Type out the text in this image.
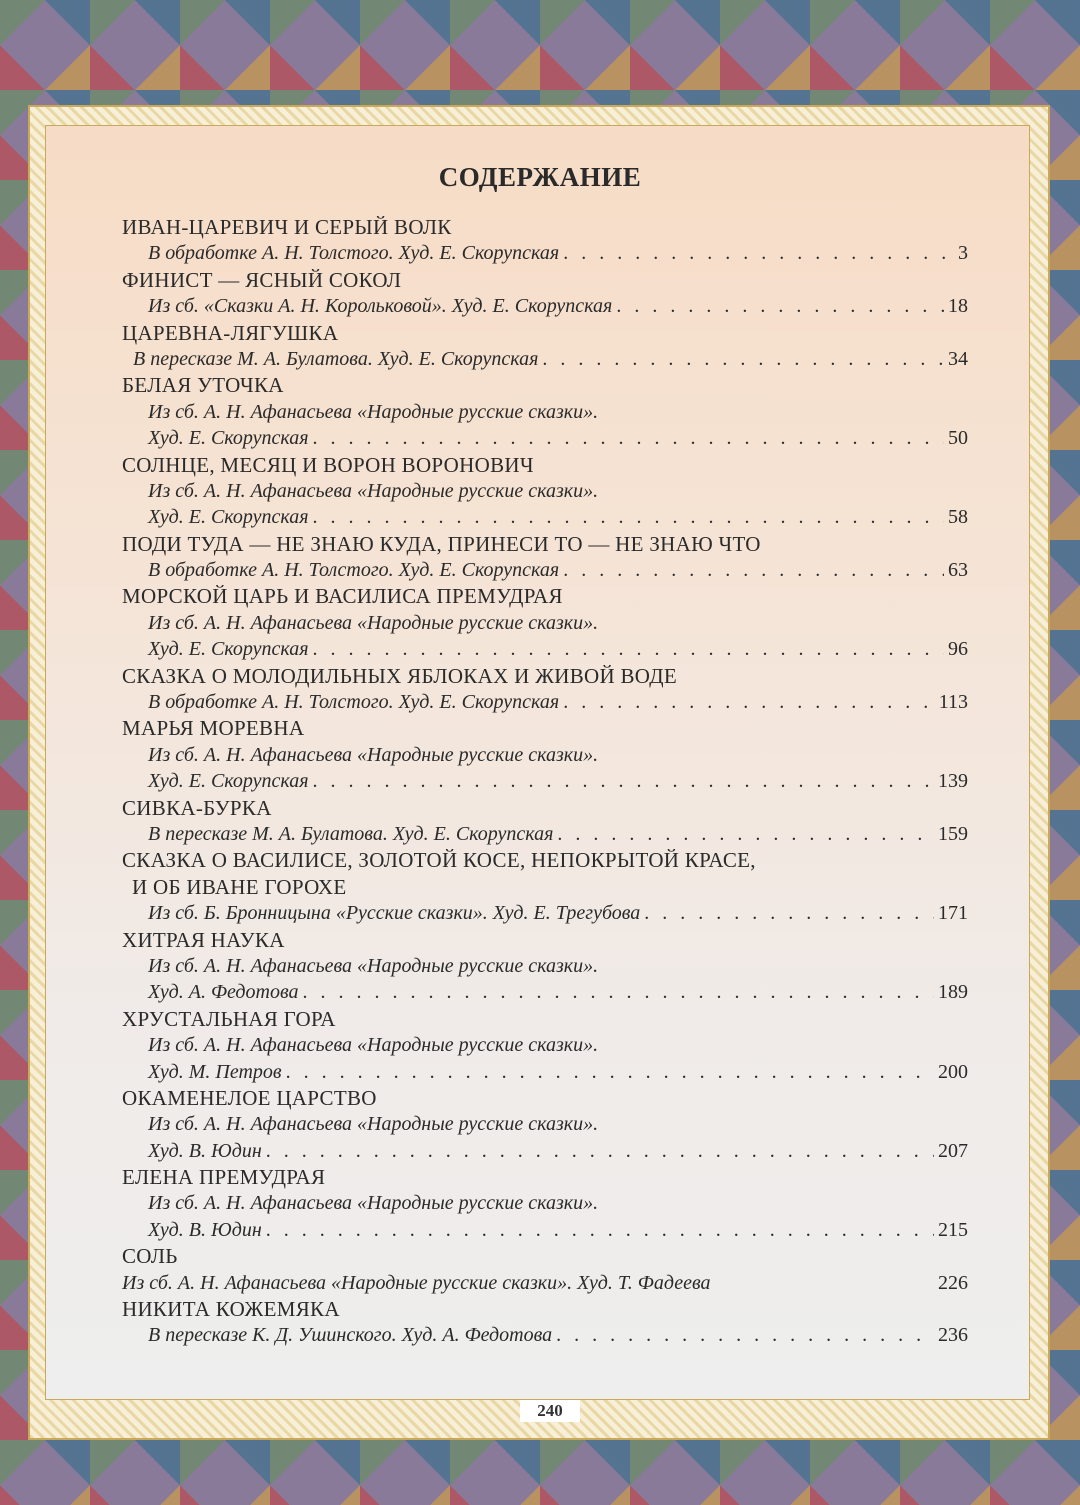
СОДЕРЖАНИЕ
ИВАН-ЦАРЕВИЧ И СЕРЫЙ ВОЛК
В обработке А. Н. Толстого. Худ. Е. Скорупская . . .	3
ФИНИСТ — ЯСНЫЙ СОКОЛ
Из сб. «Сказки А. Н. Корольковой». Худ. Е. Скорупская . . .	18
ЦАРЕВНА-ЛЯГУШКА
В пересказе М. А. Булатова. Худ. Е. Скорупская . . .	34
БЕЛАЯ УТОЧКА
Из сб. А. Н. Афанасьева «Народные русские сказки».
Худ. Е. Скорупская . . .	50
СОЛНЦЕ, МЕСЯЦ И ВОРОН ВОРОНОВИЧ
Из сб. А. Н. Афанасьева «Народные русские сказки».
Худ. Е. Скорупская . . .	58
ПОДИ ТУДА — НЕ ЗНАЮ КУДА, ПРИНЕСИ ТО — НЕ ЗНАЮ ЧТО
В обработке А. Н. Толстого. Худ. Е. Скорупская . . .	63
МОРСКОЙ ЦАРЬ И ВАСИЛИСА ПРЕМУДРАЯ
Из сб. А. Н. Афанасьева «Народные русские сказки».
Худ. Е. Скорупская . . .	96
СКАЗКА О МОЛОДИЛЬНЫХ ЯБЛОКАХ И ЖИВОЙ ВОДЕ
В обработке А. Н. Толстого. Худ. Е. Скорупская . . .	113
МАРЬЯ МОРЕВНА
Из сб. А. Н. Афанасьева «Народные русские сказки».
Худ. Е. Скорупская . . .	139
СИВКА-БУРКА
В пересказе М. А. Булатова. Худ. Е. Скорупская . . .	159
СКАЗКА О ВАСИЛИСЕ, ЗОЛОТОЙ КОСЕ, НЕПОКРЫТОЙ КРАСЕ,
И ОБ ИВАНЕ ГОРОХЕ
Из сб. Б. Бронницына «Русские сказки». Худ. Е. Трегубова . . .	171
ХИТРАЯ НАУКА
Из сб. А. Н. Афанасьева «Народные русские сказки».
Худ. А. Федотова . . .	189
ХРУСТАЛЬНАЯ ГОРА
Из сб. А. Н. Афанасьева «Народные русские сказки».
Худ. М. Петров . . .	200
ОКАМЕНЕЛОЕ ЦАРСТВО
Из сб. А. Н. Афанасьева «Народные русские сказки».
Худ. В. Юдин . . .	207
ЕЛЕНА ПРЕМУДРАЯ
Из сб. А. Н. Афанасьева «Народные русские сказки».
Худ. В. Юдин . . .	215
СОЛЬ
Из сб. А. Н. Афанасьева «Народные русские сказки». Худ. Т. Фадеева	226
НИКИТА КОЖЕМЯКА
В пересказе К. Д. Ушинского. Худ. А. Федотова . . .	236
240
